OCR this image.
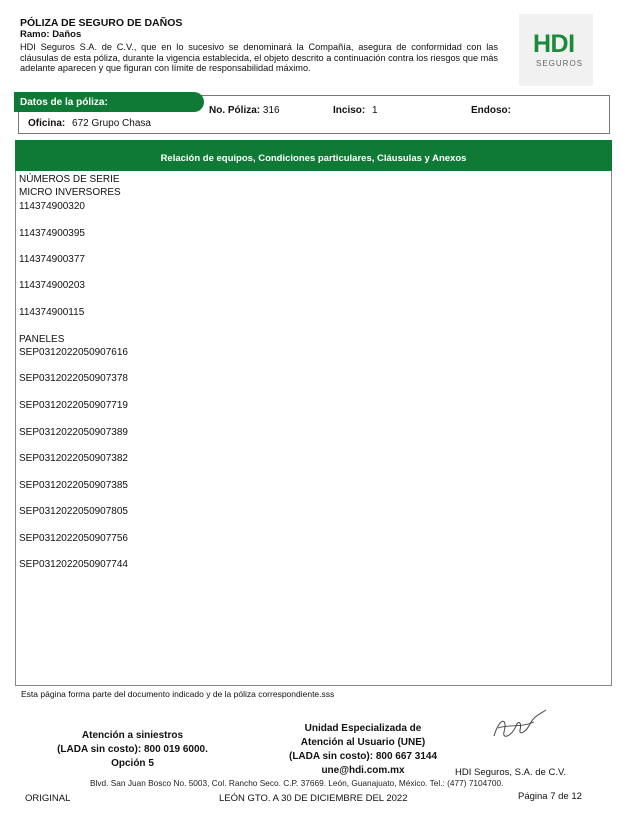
PÓLIZA DE SEGURO DE DAÑOS
Ramo: Daños
HDI Seguros S.A. de C.V., que en lo sucesivo se denominará la Compañía, asegura de conformidad con las cláusulas de esta póliza, durante la vigencia establecida, el objeto descrito a continuación contra los riesgos que más adelante aparecen y que figuran con límite de responsabilidad máximo.
HDI
SEGUROS
Datos de la póliza:
No. Póliza: 316	Inciso: 1	Endoso:
Oficina: 672 Grupo Chasa
Relación de equipos, Condiciones particulares, Cláusulas y Anexos
NÚMEROS DE SERIE
MICRO INVERSORES
114374900320
114374900395
114374900377
114374900203
114374900115
PANELES
SEP0312022050907616
SEP0312022050907378
SEP0312022050907719
SEP0312022050907389
SEP0312022050907382
SEP0312022050907385
SEP0312022050907805
SEP0312022050907756
SEP0312022050907744
Esta página forma parte del documento indicado y de la póliza correspondiente.sss
Atención a siniestros
(LADA sin costo): 800 019 6000.
Opción 5
Unidad Especializada de
Atención al Usuario (UNE)
(LADA sin costo): 800 667 3144
une@hdi.com.mx	HDI Seguros, S.A. de C.V.
Blvd. San Juan Bosco No. 5003, Col. Rancho Seco. C.P. 37669. León, Guanajuato, México. Tel.: (477) 7104700.
ORIGINAL	LEÓN GTO. A 30 DE DICIEMBRE DEL 2022	Página 7 de 12
